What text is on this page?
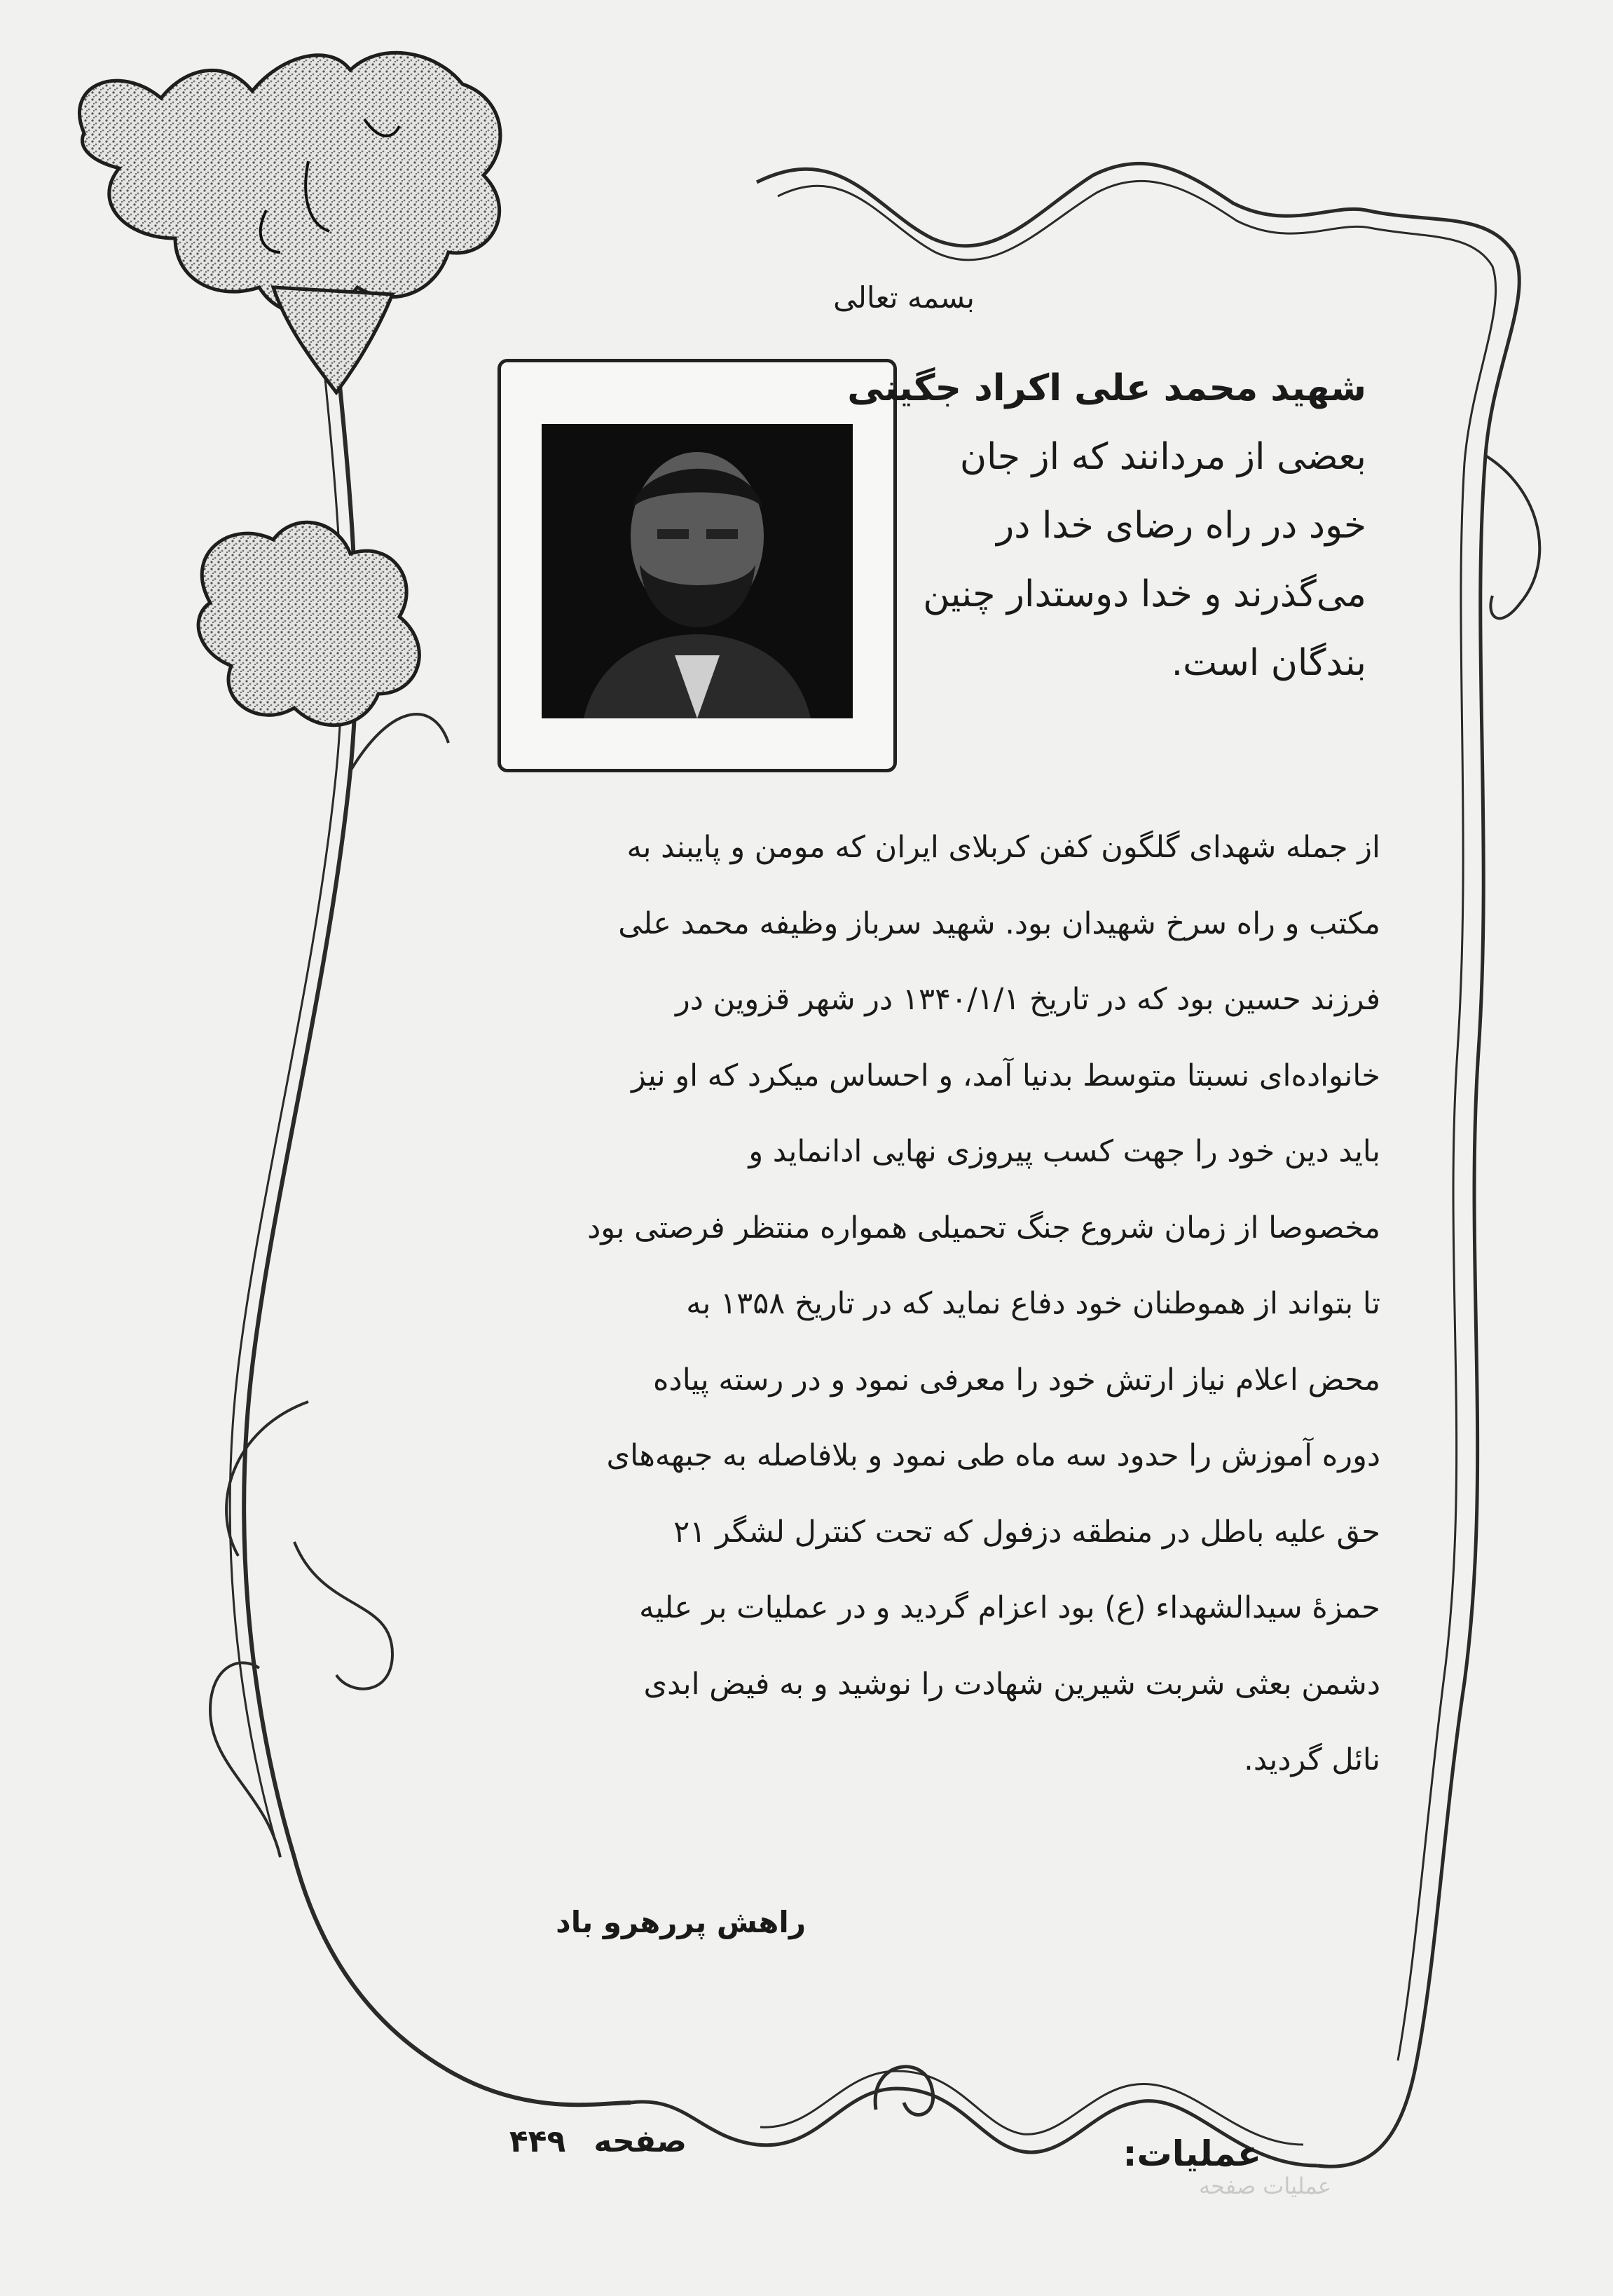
بسمه تعالی

شهید محمد علی اکراد جگینی

بعضی از مردانند که از جان

خود در راه رضای خدا در

می‌گذرند و خدا دوستدار چنین

بندگان است.

از جمله شهدای گلگون کفن کربلای ایران که مومن و پایبند به

مکتب و راه سرخ شهیدان بود. شهید سرباز وظیفه محمد علی

فرزند حسین بود که در تاریخ ۱۳۴۰/۱/۱ در شهر قزوین در

خانواده‌ای نسبتا متوسط بدنیا آمد، و احساس میکرد که او نیز

باید دین خود را جهت کسب پیروزی نهایی ادانماید و

مخصوصا از زمان شروع جنگ تحمیلی همواره منتظر فرصتی بود

تا بتواند از هموطنان خود دفاع نماید که در تاریخ ۱۳۵۸ به

محض اعلام نیاز ارتش خود را معرفی نمود و در رسته پیاده

دوره آموزش را حدود سه ماه طی نمود و بلافاصله به جبهه‌های

حق علیه باطل در منطقه دزفول که تحت کنترل لشگر ۲۱

حمزهٔ سیدالشهداء (ع) بود اعزام گردید و در عملیات بر علیه

دشمن بعثی شربت شیرین شهادت را نوشید و به فیض ابدی

نائل گردید.

راهش پررهرو باد
صفحه
۴۴۹	عملیات:
عملیات صفحه
